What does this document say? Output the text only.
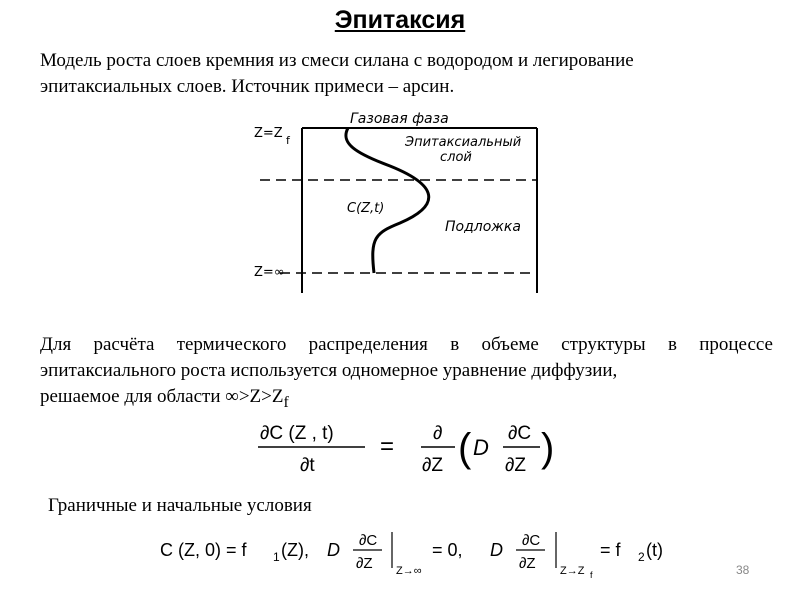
Эпитаксия
Модель роста слоев кремния из смеси силана с водородом и легирование эпитаксиальных слоев. Источник примеси – арсин.
Газовая фаза
Эпитаксиальный
слой
C(Z,t)
Подложка
Z=Z f
Z=∞
Для расчёта термического распределения в объеме структуры в процессе эпитаксиального роста используется одномерное уравнение диффузии,
решаемое для области $\infty>Z>Z_f$
∂C (Z , t)
∂t
= ∂
∂Z ( D
∂C
∂Z )
Граничные и начальные условия
C (Z, 0) = f 1 (Z), D ∂C
∂Z Z→∞
= 0, D ∂C
∂Z Z→Z f
= f 2 (t)
38
